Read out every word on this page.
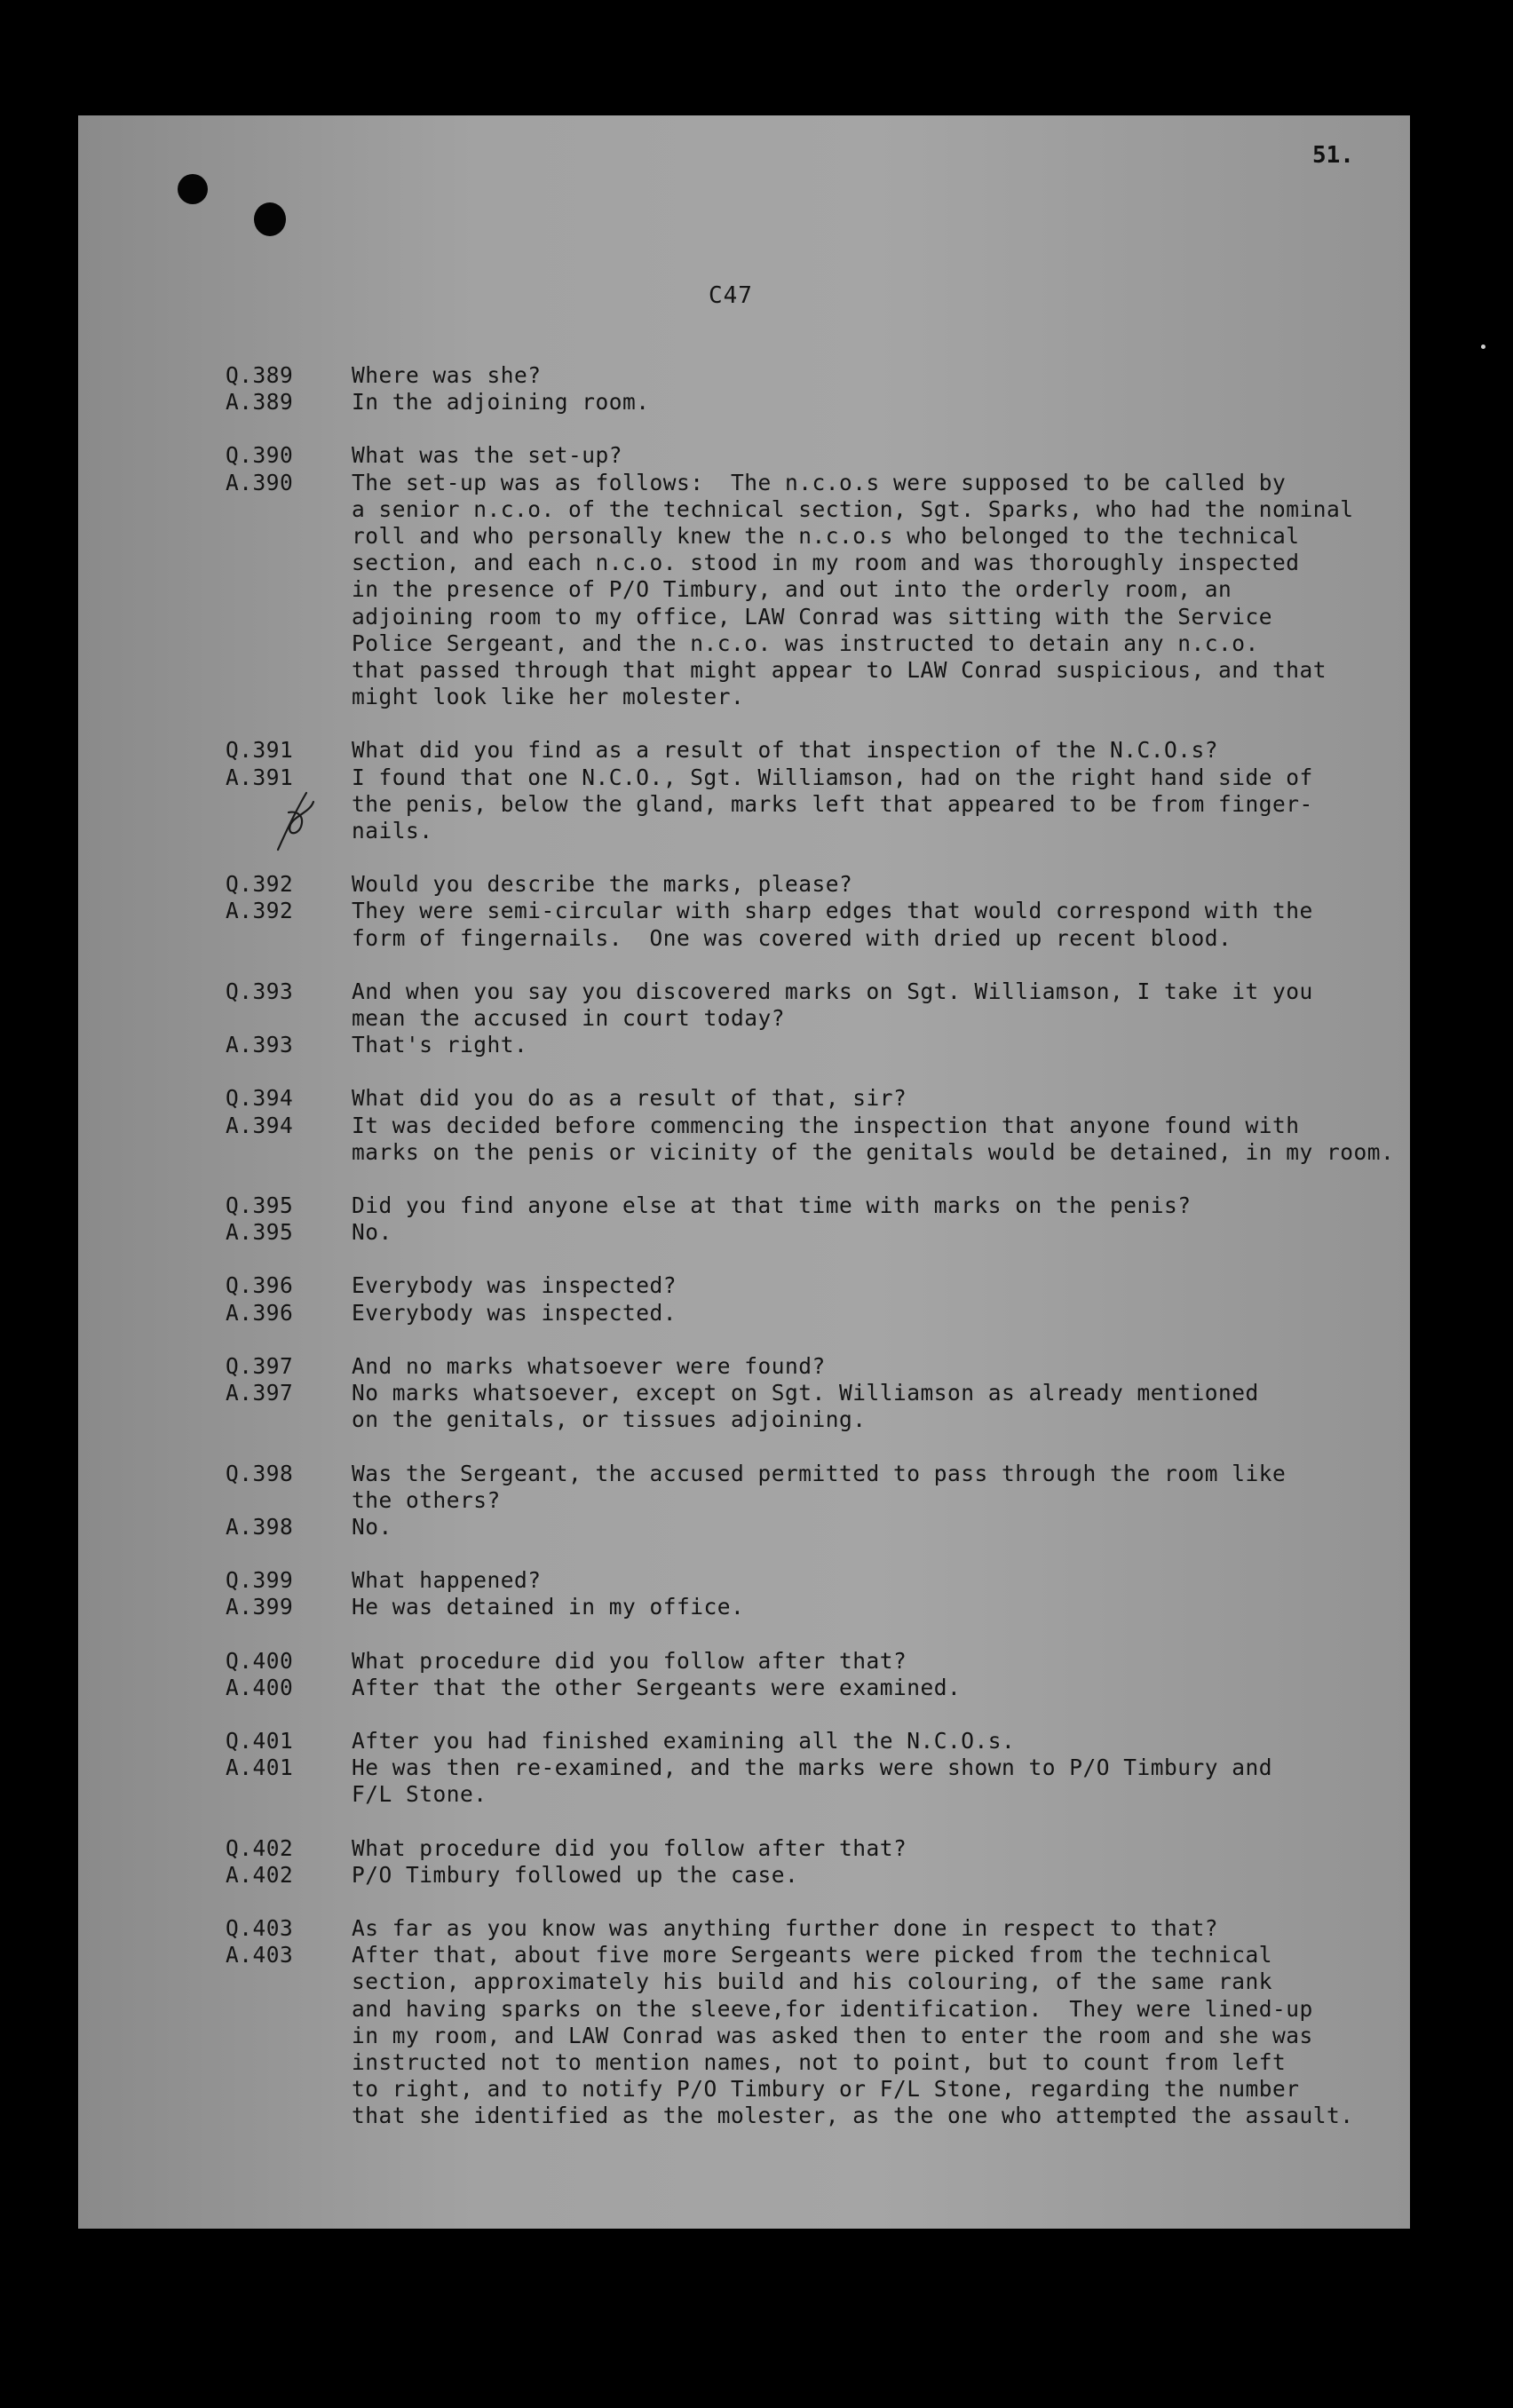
51.
C47
Q.389	Where was she?
A.389	In the adjoining room.
Q.390	What was the set-up?
A.390	The set-up was as follows:  The n.c.o.s were supposed to be called by
a senior n.c.o. of the technical section, Sgt. Sparks, who had the nominal
roll and who personally knew the n.c.o.s who belonged to the technical
section, and each n.c.o. stood in my room and was thoroughly inspected
in the presence of P/O Timbury, and out into the orderly room, an
adjoining room to my office, LAW Conrad was sitting with the Service
Police Sergeant, and the n.c.o. was instructed to detain any n.c.o.
that passed through that might appear to LAW Conrad suspicious, and that
might look like her molester.
Q.391	What did you find as a result of that inspection of the N.C.O.s?
A.391	I found that one N.C.O., Sgt. Williamson, had on the right hand side of
the penis, below the gland, marks left that appeared to be from finger-
nails.
Q.392	Would you describe the marks, please?
A.392	They were semi-circular with sharp edges that would correspond with the
form of fingernails.  One was covered with dried up recent blood.
Q.393	And when you say you discovered marks on Sgt. Williamson, I take it you
mean the accused in court today?
A.393	That's right.
Q.394	What did you do as a result of that, sir?
A.394	It was decided before commencing the inspection that anyone found with
marks on the penis or vicinity of the genitals would be detained, in my room.
Q.395	Did you find anyone else at that time with marks on the penis?
A.395	No.
Q.396	Everybody was inspected?
A.396	Everybody was inspected.
Q.397	And no marks whatsoever were found?
A.397	No marks whatsoever, except on Sgt. Williamson as already mentioned
on the genitals, or tissues adjoining.
Q.398	Was the Sergeant, the accused permitted to pass through the room like
the others?
A.398	No.
Q.399	What happened?
A.399	He was detained in my office.
Q.400	What procedure did you follow after that?
A.400	After that the other Sergeants were examined.
Q.401	After you had finished examining all the N.C.O.s.
A.401	He was then re-examined, and the marks were shown to P/O Timbury and
F/L Stone.
Q.402	What procedure did you follow after that?
A.402	P/O Timbury followed up the case.
Q.403	As far as you know was anything further done in respect to that?
A.403	After that, about five more Sergeants were picked from the technical
section, approximately his build and his colouring, of the same rank
and having sparks on the sleeve,for identification.  They were lined-up
in my room, and LAW Conrad was asked then to enter the room and she was
instructed not to mention names, not to point, but to count from left
to right, and to notify P/O Timbury or F/L Stone, regarding the number
that she identified as the molester, as the one who attempted the assault.
